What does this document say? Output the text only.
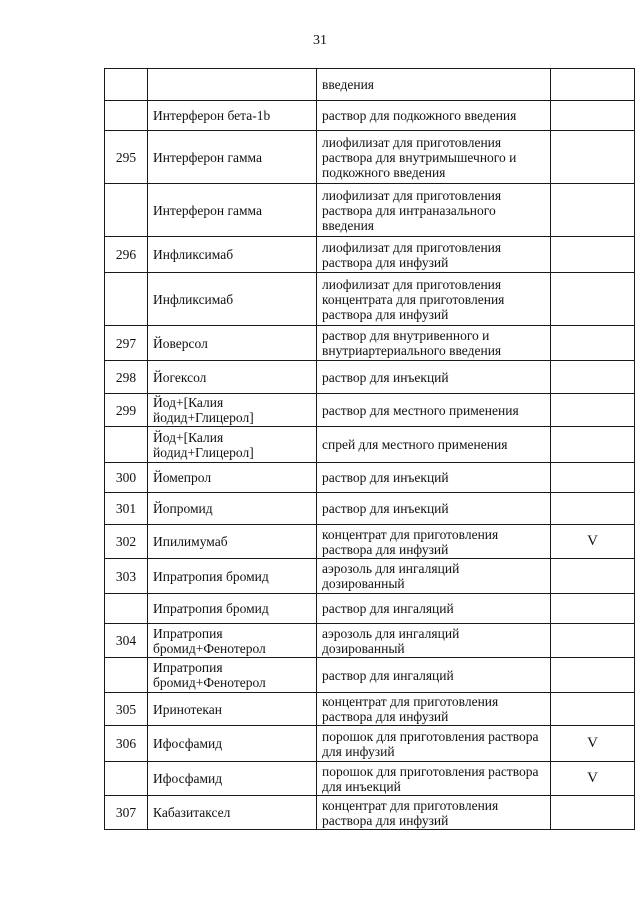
31
		введения	
	Интерферон бета-1b	раствор для подкожного введения	
295	Интерферон гамма	лиофилизат для приготовления раствора для внутримышечного и подкожного введения	
	Интерферон гамма	лиофилизат для приготовления раствора для интраназального введения	
296	Инфликсимаб	лиофилизат для приготовления раствора для инфузий	
	Инфликсимаб	лиофилизат для приготовления концентрата для приготовления раствора для инфузий	
297	Йоверсол	раствор для внутривенного и внутриартериального введения	
298	Йогексол	раствор для инъекций	
299	Йод+[Калия йодид+Глицерол]	раствор для местного применения	
	Йод+[Калия йодид+Глицерол]	спрей для местного применения	
300	Йомепрол	раствор для инъекций	
301	Йопромид	раствор для инъекций	
302	Ипилимумаб	концентрат для приготовления раствора для инфузий	V
303	Ипратропия бромид	аэрозоль для ингаляций дозированный	
	Ипратропия бромид	раствор для ингаляций	
304	Ипратропия бромид+Фенотерол	аэрозоль для ингаляций дозированный	
	Ипратропия бромид+Фенотерол	раствор для ингаляций	
305	Иринотекан	концентрат для приготовления раствора для инфузий	
306	Ифосфамид	порошок для приготовления раствора для инфузий	V
	Ифосфамид	порошок для приготовления раствора для инъекций	V
307	Кабазитаксел	концентрат для приготовления раствора для инфузий	
